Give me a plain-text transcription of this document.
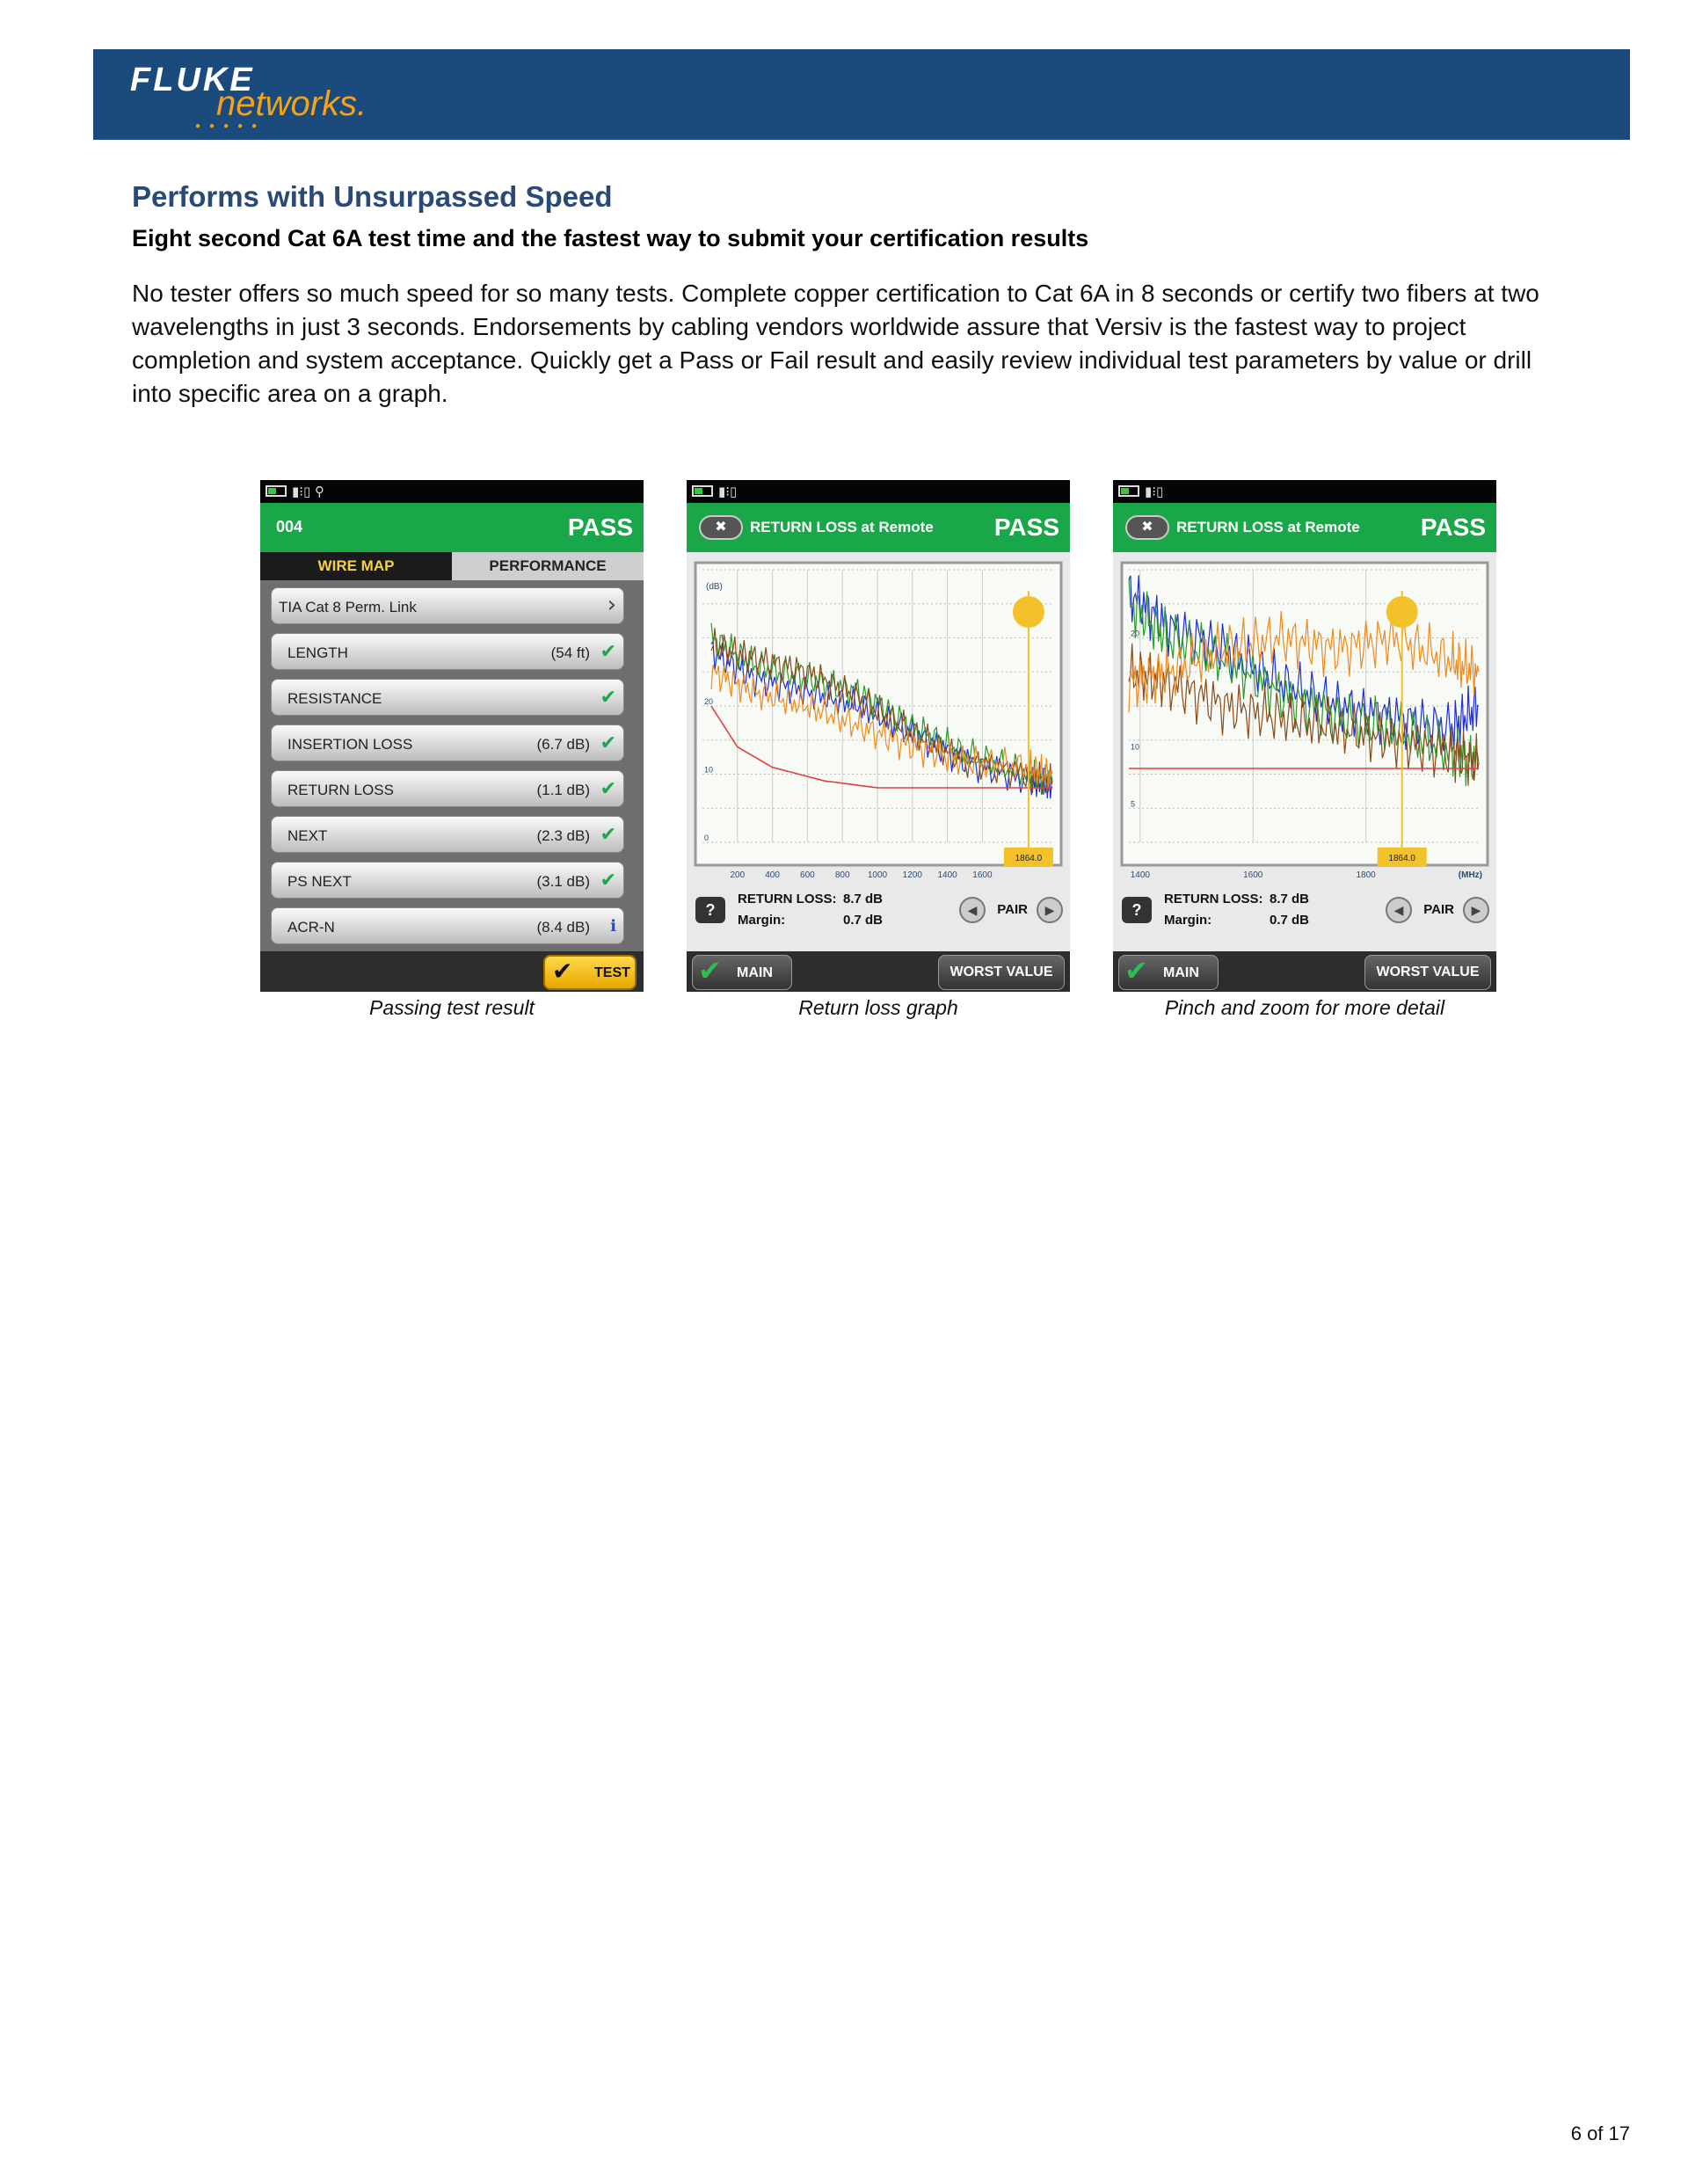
FLUKE
networks.
●●●●●
Performs with Unsurpassed Speed
Eight second Cat 6A test time and the fastest way to submit your certification results

No tester offers so much speed for so many tests. Complete copper certification to Cat 6A in 8 seconds or certify two fibers at two wavelengths in just 3 seconds. Endorsements by cabling vendors worldwide assure that Versiv is the fastest way to project completion and system acceptance. Quickly get a Pass or Fail result and easily review individual test parameters by value or drill into specific area on a graph.

▮⁝▯ ⚲
004	PASS
WIRE MAP	PERFORMANCE
TIA Cat 8 Perm. Link	›
LENGTH	(54 ft) ✔
RESISTANCE	✔
INSERTION LOSS	(6.7 dB) ✔
RETURN LOSS	(1.1 dB) ✔
NEXT	(2.3 dB) ✔
PS NEXT	(3.1 dB) ✔
ACR-N	(8.4 dB) ℹ
✔ TEST
Passing test result
▮⁝▯
✖	RETURN LOSS at Remote PASS
200 400 600 800 1000 1200 1400 1600
20
10
0
(dB)
1864.0
?
RETURN LOSS: 8.7 dB
Margin:	0.7 dB
◀	PAIR	▶
✔ MAIN	WORST VALUE
Return loss graph
▮⁝▯
✖	RETURN LOSS at Remote PASS
1400	1600	1800
20
10
5
(MHz)
1864.0
?
RETURN LOSS: 8.7 dB
Margin:	0.7 dB
◀	PAIR	▶
✔ MAIN	WORST VALUE
Pinch and zoom for more detail
6 of 17
